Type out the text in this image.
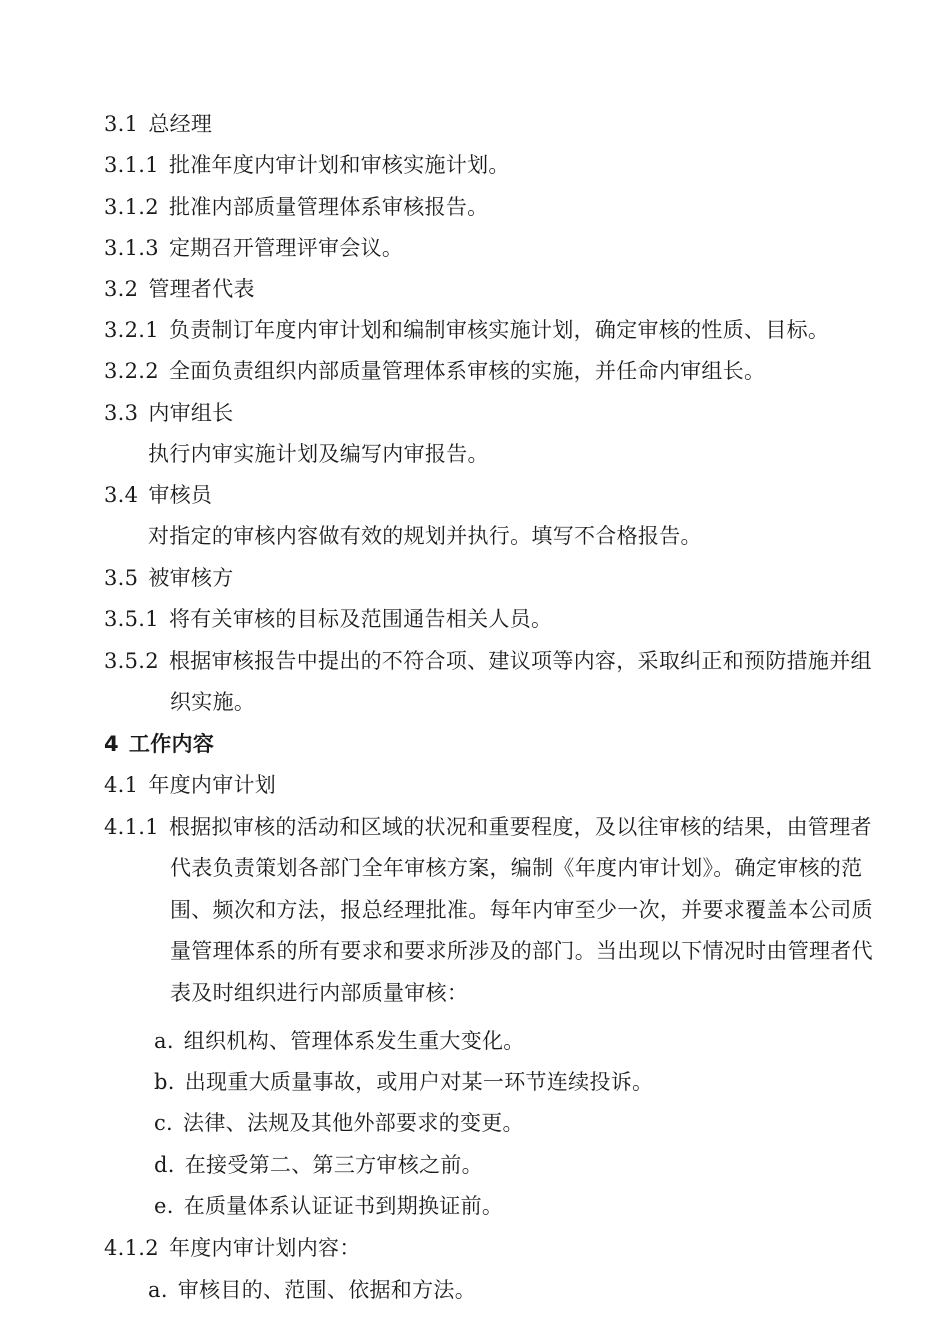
3.1 总经理
3.1.1 批准年度内审计划和审核实施计划。
3.1.2 批准内部质量管理体系审核报告。
3.1.3 定期召开管理评审会议。
3.2 管理者代表
3.2.1 负责制订年度内审计划和编制审核实施计划，确定审核的性质、目标。
3.2.2 全面负责组织内部质量管理体系审核的实施，并任命内审组长。
3.3 内审组长
执行内审实施计划及编写内审报告。
3.4 审核员
对指定的审核内容做有效的规划并执行。填写不合格报告。
3.5 被审核方
3.5.1 将有关审核的目标及范围通告相关人员。
3.5.2 根据审核报告中提出的不符合项、建议项等内容，采取纠正和预防措施并组
织实施。
4 工作内容
4.1 年度内审计划
4.1.1 根据拟审核的活动和区域的状况和重要程度，及以往审核的结果，由管理者
代表负责策划各部门全年审核方案，编制《年度内审计划》。确定审核的范
围、频次和方法，报总经理批准。每年内审至少一次，并要求覆盖本公司质
量管理体系的所有要求和要求所涉及的部门。当出现以下情况时由管理者代
表及时组织进行内部质量审核：
a. 组织机构、管理体系发生重大变化。
b. 出现重大质量事故，或用户对某一环节连续投诉。
c. 法律、法规及其他外部要求的变更。
d. 在接受第二、第三方审核之前。
e. 在质量体系认证证书到期换证前。
4.1.2 年度内审计划内容：
a. 审核目的、范围、依据和方法。
